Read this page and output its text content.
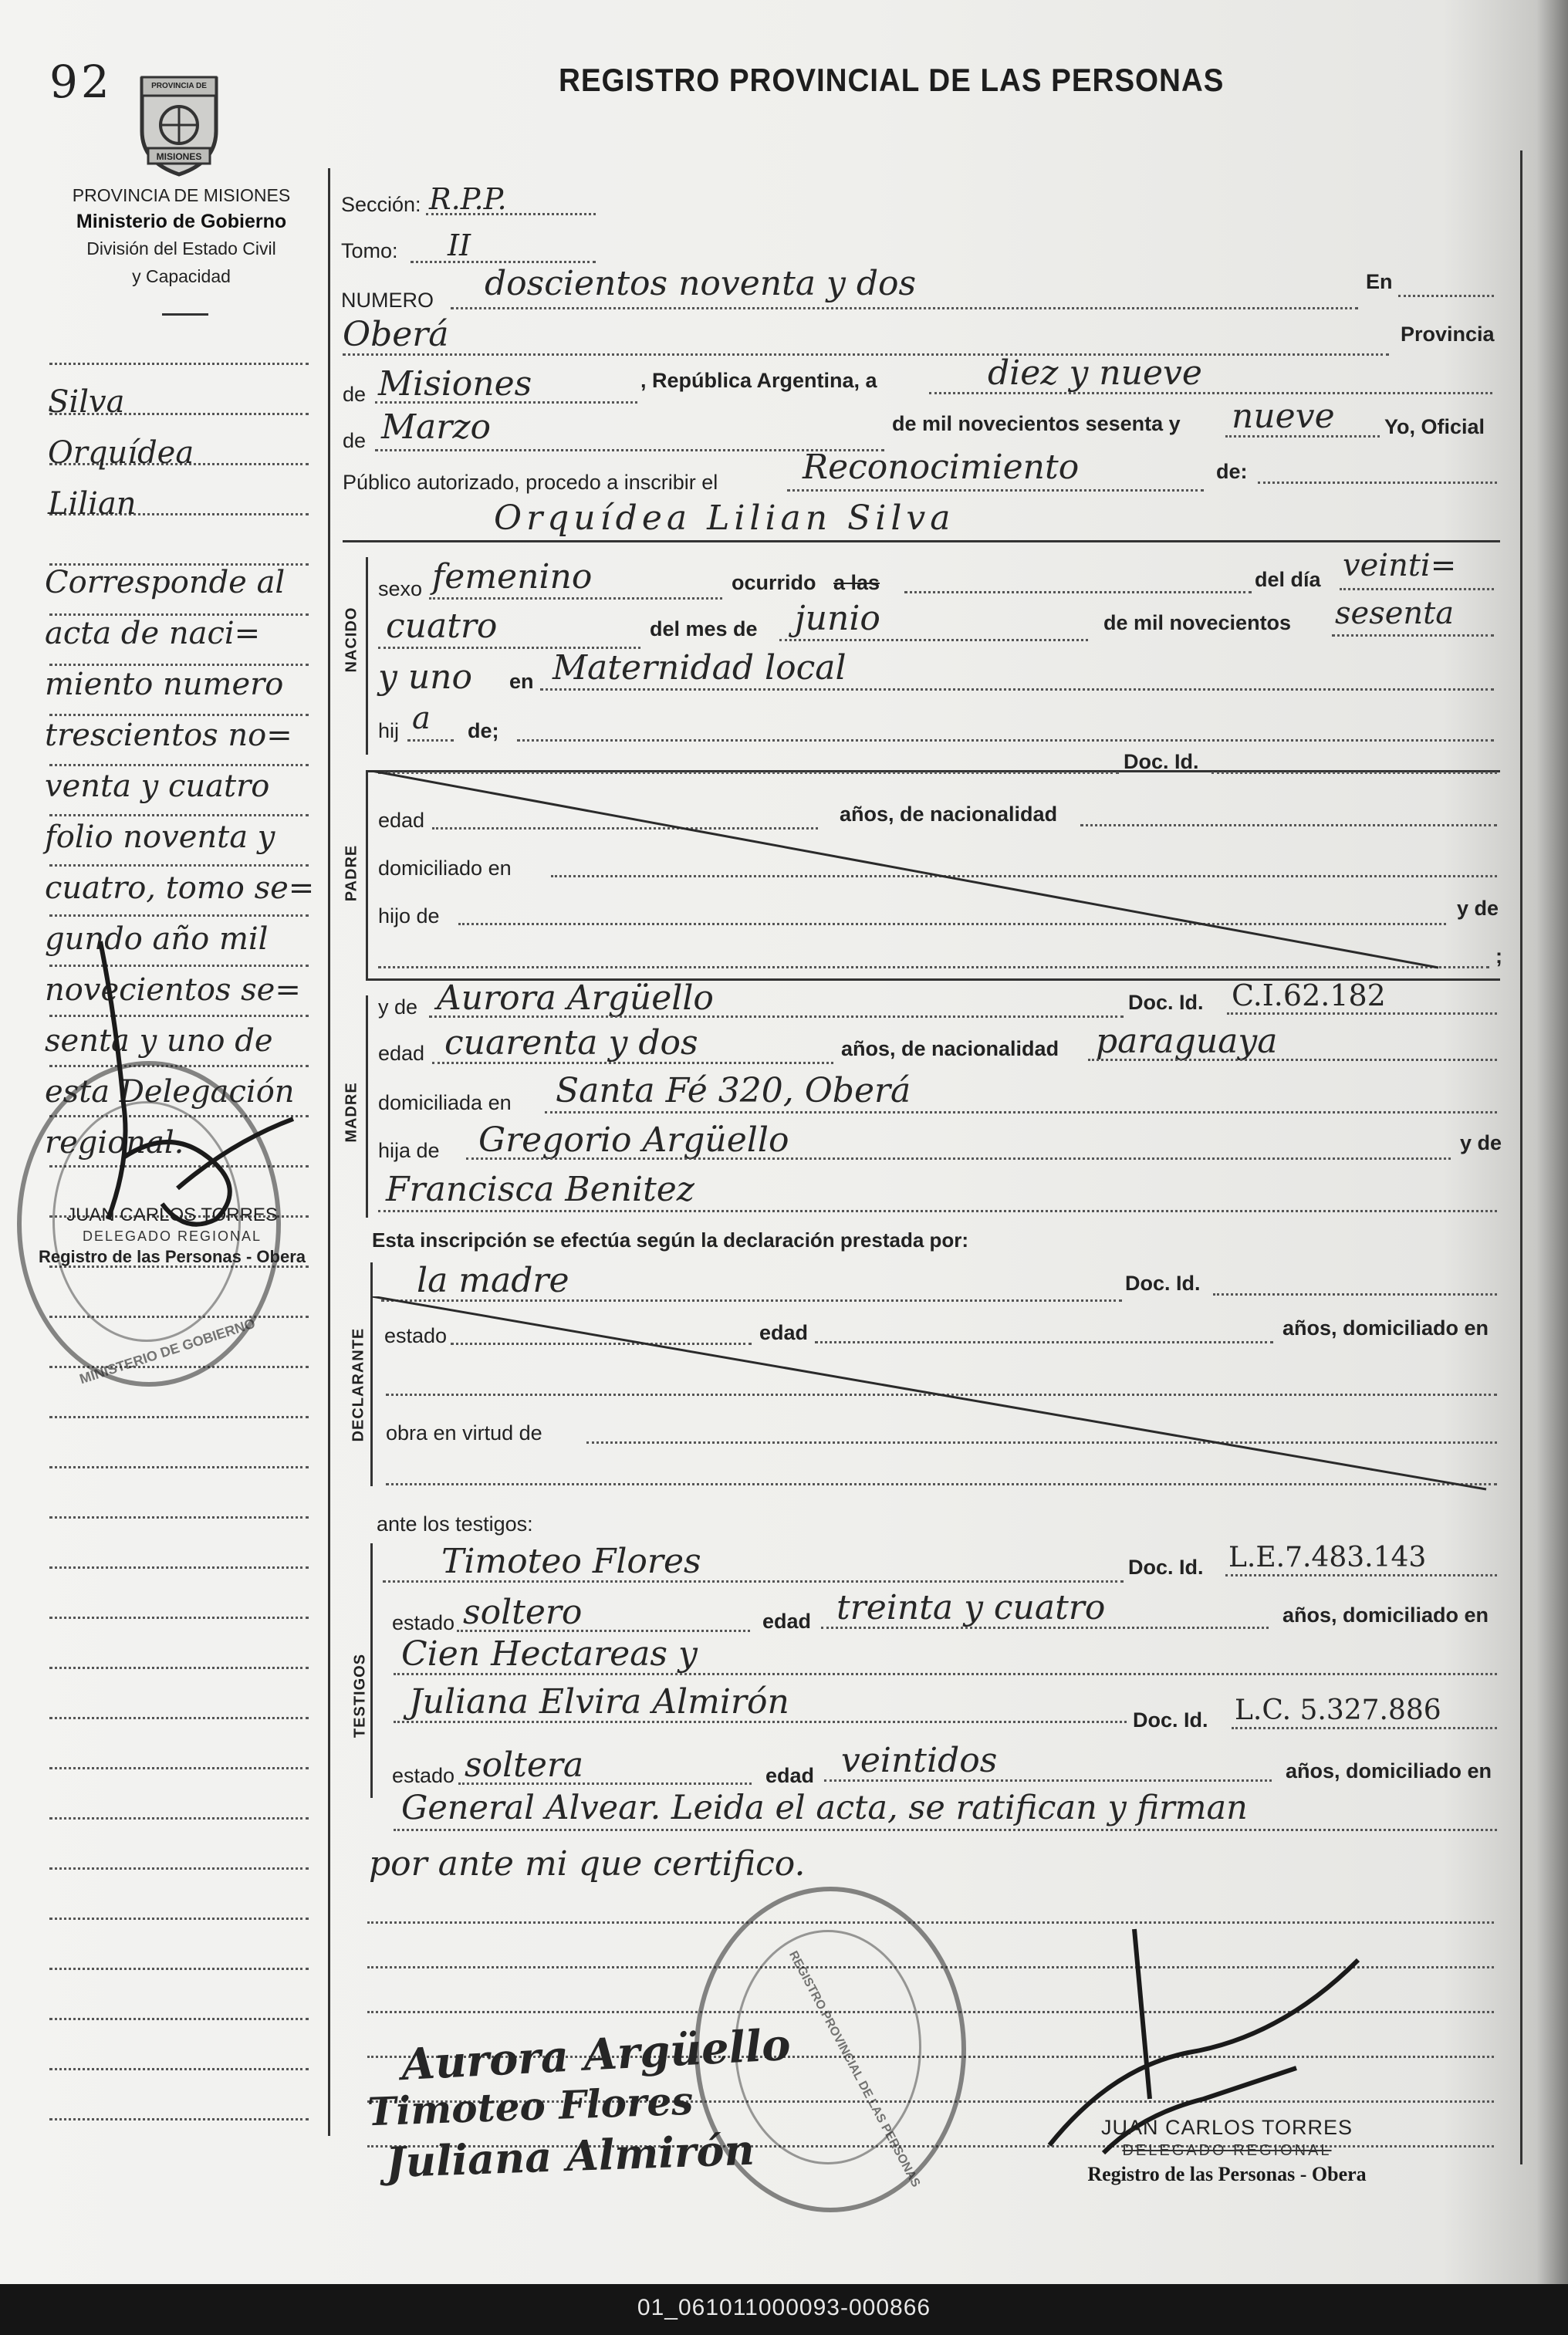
92	PROVINCIA DE
MISIONES
REGISTRO PROVINCIAL DE LAS PERSONAS
PROVINCIA DE MISIONES
Ministerio de Gobierno
División del Estado Civil
y Capacidad
Silva
Orquídea
Lilian
Corresponde al
acta de naci=
miento numero
trescientos no=
venta y cuatro
folio noventa y
cuatro, tomo se=
gundo año mil
novecientos se=
senta y uno de
esta Delegación
regional.
MINISTERIO DE GOBIERNO
JUAN CARLOS TORRES
DELEGADO REGIONAL
Registro de las Personas - Obera
Sección: R.P.P.
Tomo: II
NUMERO doscientos noventa y dos	En
Oberá	Provincia
de Misiones	, República Argentina, a	diez y nueve
de Marzo	de mil novecientos sesenta y nueve Yo, Oficial
Público autorizado, procedo a inscribir el Reconocimiento	de:
Orquídea Lilian Silva
NACIDO
sexo femenino	ocurrido a las	del día veinti=
cuatro	del mes de junio	de mil novecientos sesenta
y uno en Maternidad local
hij a de;
PADRE
Doc. Id.
edad	años, de nacionalidad
domiciliado en
hijo de	y de
;
MADRE
y de Aurora Argüello	Doc. Id. C.I.62.182
edad cuarenta y dos	años, de nacionalidad paraguaya
domiciliada en Santa Fé 320, Oberá
hija de Gregorio Argüello	y de
Francisca Benitez
Esta inscripción se efectúa según la declaración prestada por:
DECLARANTE
la madre	Doc. Id.
estado	edad	años, domiciliado en
obra en virtud de
ante los testigos:
TESTIGOS
Timoteo Flores	Doc. Id. L.E.7.483.143
estado soltero	edad treinta y cuatro	años, domiciliado en
Cien Hectareas y
Juliana Elvira Almirón	Doc. Id. L.C. 5.327.886
estado soltera	edad veintidos	años, domiciliado en
General Alvear. Leida el acta, se ratifican y firman
por ante mi que certifico.
REGISTRO PROVINCIAL DE LAS PERSONAS
Aurora Argüello
Timoteo Flores
Juliana Almirón	JUAN CARLOS TORRES
DELEGADO REGIONAL
Registro de las Personas - Obera
01_061011000093-000866
